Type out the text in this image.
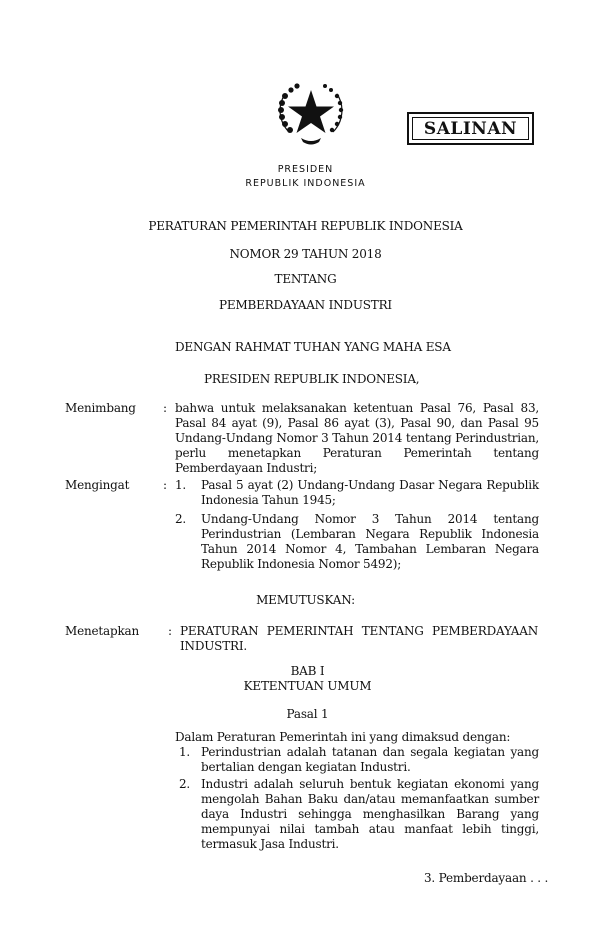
SALINAN
PRESIDEN
REPUBLIK INDONESIA
PERATURAN PEMERINTAH REPUBLIK INDONESIA
NOMOR 29 TAHUN 2018
TENTANG
PEMBERDAYAAN INDUSTRI
DENGAN RAHMAT TUHAN YANG MAHA ESA
PRESIDEN REPUBLIK INDONESIA,
Menimbang : bahwa untuk melaksanakan ketentuan Pasal 76, Pasal 83,
Pasal 84 ayat (9), Pasal 86 ayat (3), Pasal 90, dan Pasal 95
Undang-Undang Nomor 3 Tahun 2014 tentang Perindustrian,
perlu menetapkan Peraturan Pemerintah tentang
Pemberdayaan Industri;
Mengingat	: 1. Pasal 5 ayat (2) Undang-Undang Dasar Negara Republik
Indonesia Tahun 1945;
2. Undang-Undang Nomor 3 Tahun 2014 tentang
Perindustrian (Lembaran Negara Republik Indonesia
Tahun 2014 Nomor 4, Tambahan Lembaran Negara
Republik Indonesia Nomor 5492);
MEMUTUSKAN:
Menetapkan : PERATURAN PEMERINTAH TENTANG PEMBERDAYAAN
INDUSTRI.
BAB I
KETENTUAN UMUM
Pasal 1
Dalam Peraturan Pemerintah ini yang dimaksud dengan:
1. Perindustrian adalah tatanan dan segala kegiatan yang
bertalian dengan kegiatan Industri.
2. Industri adalah seluruh bentuk kegiatan ekonomi yang
mengolah Bahan Baku dan/atau memanfaatkan sumber
daya Industri sehingga menghasilkan Barang yang
mempunyai nilai tambah atau manfaat lebih tinggi,
termasuk Jasa Industri.
3. Pemberdayaan . . .
